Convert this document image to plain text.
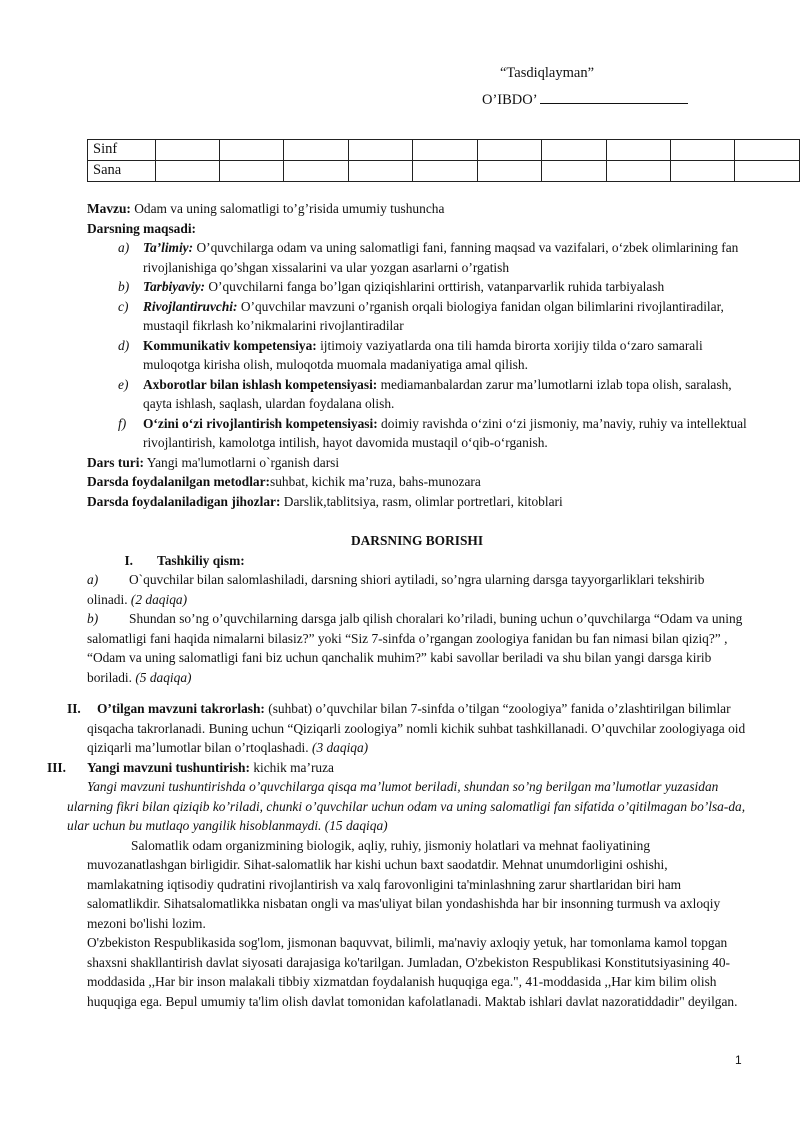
“Tasdiqlayman”
O’IBDO’
Sinf										
Sana										

Mavzu: Odam va uning salomatligi to’g’risida umumiy tushuncha

Darsning maqsadi:

a) Ta’limiy: O’quvchilarga odam va uning salomatligi fani, fanning maqsad va vazifalari, oʻzbek olimlarining fan rivojlanishiga qo’shgan xissalarini va ular yozgan asarlarni o’rgatish
b) Tarbiyaviy: O’quvchilarni fanga bo’lgan qiziqishlarini orttirish, vatanparvarlik ruhida tarbiyalash
c) Rivojlantiruvchi: O’quvchilar mavzuni o’rganish orqali biologiya fanidan olgan bilimlarini rivojlantiradilar, mustaqil fikrlash ko’nikmalarini rivojlantiradilar
d) Kommunikativ kompetensiya: ijtimoiy vaziyatlarda ona tili hamda birorta xorijiy tilda oʻzaro samarali muloqotga kirisha olish, muloqotda muomala madaniyatiga amal qilish.
e) Axborotlar bilan ishlash kompetensiyasi: mediamanbalardan zarur maʼlumotlarni izlab topa olish, saralash, qayta ishlash, saqlash, ulardan foydalana olish.
f) Oʻzini oʻzi rivojlantirish kompetensiyasi: doimiy ravishda oʻzini oʻzi jismoniy, maʼnaviy, ruhiy va intellektual rivojlantirish, kamolotga intilish, hayot davomida mustaqil oʻqib-oʻrganish.

Dars turi: Yangi ma'lumotlarni o`rganish darsi

Darsda foydalanilgan metodlar:suhbat, kichik ma’ruza, bahs-munozara

Darsda foydalaniladigan jihozlar: Darslik,tablitsiya, rasm, olimlar portretlari, kitoblari

DARSNING BORISHI

I. Tashkiliy qism:

a) O`quvchilar bilan salomlashiladi, darsning shiori aytiladi, so’ngra ularning darsga tayyorgarliklari tekshirib olinadi. (2 daqiqa)

b) Shundan so’ng o’quvchilarning darsga jalb qilish choralari ko’riladi, buning uchun o’quvchilarga “Odam va uning salomatligi fani haqida nimalarni bilasiz?” yoki “Siz 7-sinfda o’rgangan zoologiya fanidan bu fan nimasi bilan qiziq?” , “Odam va uning salomatligi fani biz uchun qanchalik muhim?” kabi savollar beriladi va shu bilan yangi darsga kirib boriladi. (5 daqiqa)

II. O’tilgan mavzuni takrorlash: (suhbat) o’quvchilar bilan 7-sinfda o’tilgan “zoologiya” fanida o’zlashtirilgan bilimlar qisqacha takrorlanadi. Buning uchun “Qiziqarli zoologiya” nomli kichik suhbat tashkillanadi. O’quvchilar zoologiyaga oid qiziqarli ma’lumotlar bilan o’rtoqlashadi. (3 daqiqa)

III. Yangi mavzuni tushuntirish: kichik ma’ruza

Yangi mavzuni tushuntirishda o’quvchilarga qisqa ma’lumot beriladi, shundan so’ng berilgan ma’lumotlar yuzasidan ularning fikri bilan qiziqib ko’riladi, chunki o’quvchilar uchun odam va uning salomatligi fan sifatida o’qitilmagan bo’lsa-da, ular uchun bu mutlaqo yangilik hisoblanmaydi. (15 daqiqa)

Salomatlik odam organizmining biologik, aqliy, ruhiy, jismoniy holatlari va mehnat faoliyatining muvozanatlashgan birligidir. Sihat-salomatlik har kishi uchun baxt saodatdir. Mehnat unumdorligini oshishi, mamlakatning iqtisodiy qudratini rivojlantirish va xalq farovonligini ta'minlashning zarur shartlaridan biri ham salomatlikdir. Sihatsalomatlikka nisbatan ongli va mas'uliyat bilan yondashishda har bir insonning turmush va axloqiy mezoni bo'lishi lozim.

O'zbekiston Respublikasida sog'lom, jismonan baquvvat, bilimli, ma'naviy axloqiy yetuk, har tomonlama kamol topgan shaxsni shakllantirish davlat siyosati darajasiga ko'tarilgan. Jumladan, O'zbekiston Respublikasi Konstitutsiyasining 40-moddasida ,,Har bir inson malakali tibbiy xizmatdan foydalanish huquqiga ega.", 41-moddasida ,,Har kim bilim olish huquqiga ega. Bepul umumiy ta'lim olish davlat tomonidan kafolatlanadi. Maktab ishlari davlat nazoratiddadir" deyilgan.

1
